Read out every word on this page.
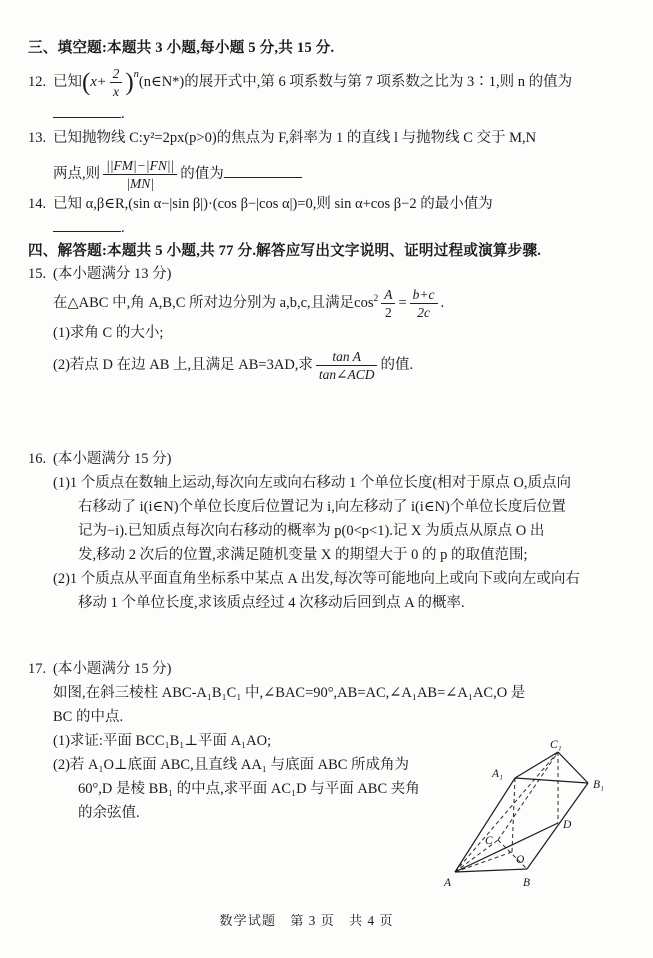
三、填空题:本题共 3 小题,每小题 5 分,共 15 分.
12. 已知($x+ \frac{2}{x}$ )$^n(n\in N*)$的展开式中,第 6 项系数与第 7 项系数之比为 3∶1,则 n 的值为
.
13. 已知抛物线 C:y²=2px(p>0)的焦点为 F,斜率为 1 的直线 l 与抛物线 C 交于 M,N
两点,则 $\frac{||FM|-|FN||}{|MN|}$ 的值为
14. 已知 α,β∈R,(sin α−|sin β|)·(cos β−|cos α|)=0,则 sin α+cos β−2 的最小值为
.
四、解答题:本题共 5 小题,共 77 分.解答应写出文字说明、证明过程或演算步骤.
15. (本小题满分 13 分)
在△ABC 中,角 A,B,C 所对边分别为 a,b,c,且满足$\cos^2 \frac{A}{2} = \frac{b+c}{2c}$ .
(1)求角 C 的大小;
(2)若点 D 在边 AB 上,且满足 AB=3AD,求 $\frac{\text{tan A}}{\text{tan∠ACD}}$ 的值.
16. (本小题满分 15 分)
(1)1 个质点在数轴上运动,每次向左或向右移动 1 个单位长度(相对于原点 O,质点向
右移动了 i(i∈N)个单位长度后位置记为 i,向左移动了 i(i∈N)个单位长度后位置
记为−i).已知质点每次向右移动的概率为 p(0<p<1).记 X 为质点从原点 O 出
发,移动 2 次后的位置,求满足随机变量 X 的期望大于 0 的 p 的取值范围;
(2)1 个质点从平面直角坐标系中某点 A 出发,每次等可能地向上或向下或向左或向右
移动 1 个单位长度,求该质点经过 4 次移动后回到点 A 的概率.
17. (本小题满分 15 分)
如图,在斜三棱柱 ABC-A₁B₁C₁ 中,∠BAC=90°,AB=AC,∠A₁AB=∠A₁AC,O 是
BC 的中点.
(1)求证:平面 BCC₁B₁⊥平面 A₁AO;
(2)若 A₁O⊥底面 ABC,且直线 AA₁ 与底面 ABC 所成角为
60°,D 是棱 BB₁ 的中点,求平面 AC₁D 与平面 ABC 夹角
的余弦值.
A	B
C
O
D
A₁
B₁
C₁
数学试题　第 3 页　共 4 页
